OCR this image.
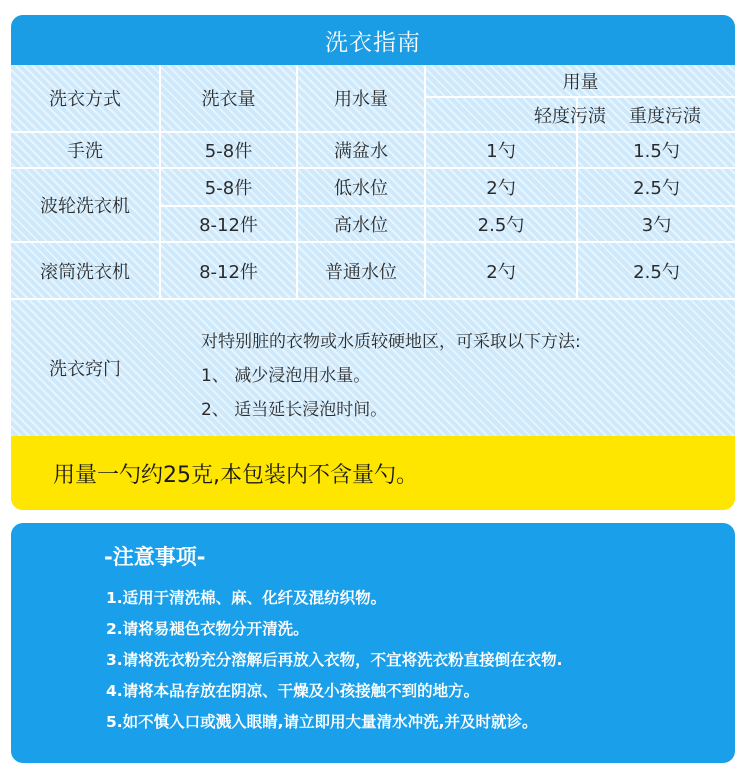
洗衣指南
洗衣方式	洗衣量	用水量
用量
轻度污渍	重度污渍
手洗	5-8件	满盆水	1勺	1.5勺
波轮洗衣机
5-8件	低水位	2勺	2.5勺
8-12件	高水位	2.5勺	3勺
滚筒洗衣机	8-12件	普通水位	2勺	2.5勺
洗衣窍门
对特别脏的衣物或水质较硬地区，可采取以下方法:
1、 减少浸泡用水量。
2、 适当延长浸泡时间。
用量一勺约25克,本包装内不含量勺。
-注意事项-
1.适用于清洗棉、麻、化纤及混纺织物。
2.请将易褪色衣物分开清洗。
3.请将洗衣粉充分溶解后再放入衣物，不宜将洗衣粉直接倒在衣物.
4.请将本品存放在阴凉、干燥及小孩接触不到的地方。
5.如不慎入口或溅入眼睛,请立即用大量清水冲洗,并及时就诊。
